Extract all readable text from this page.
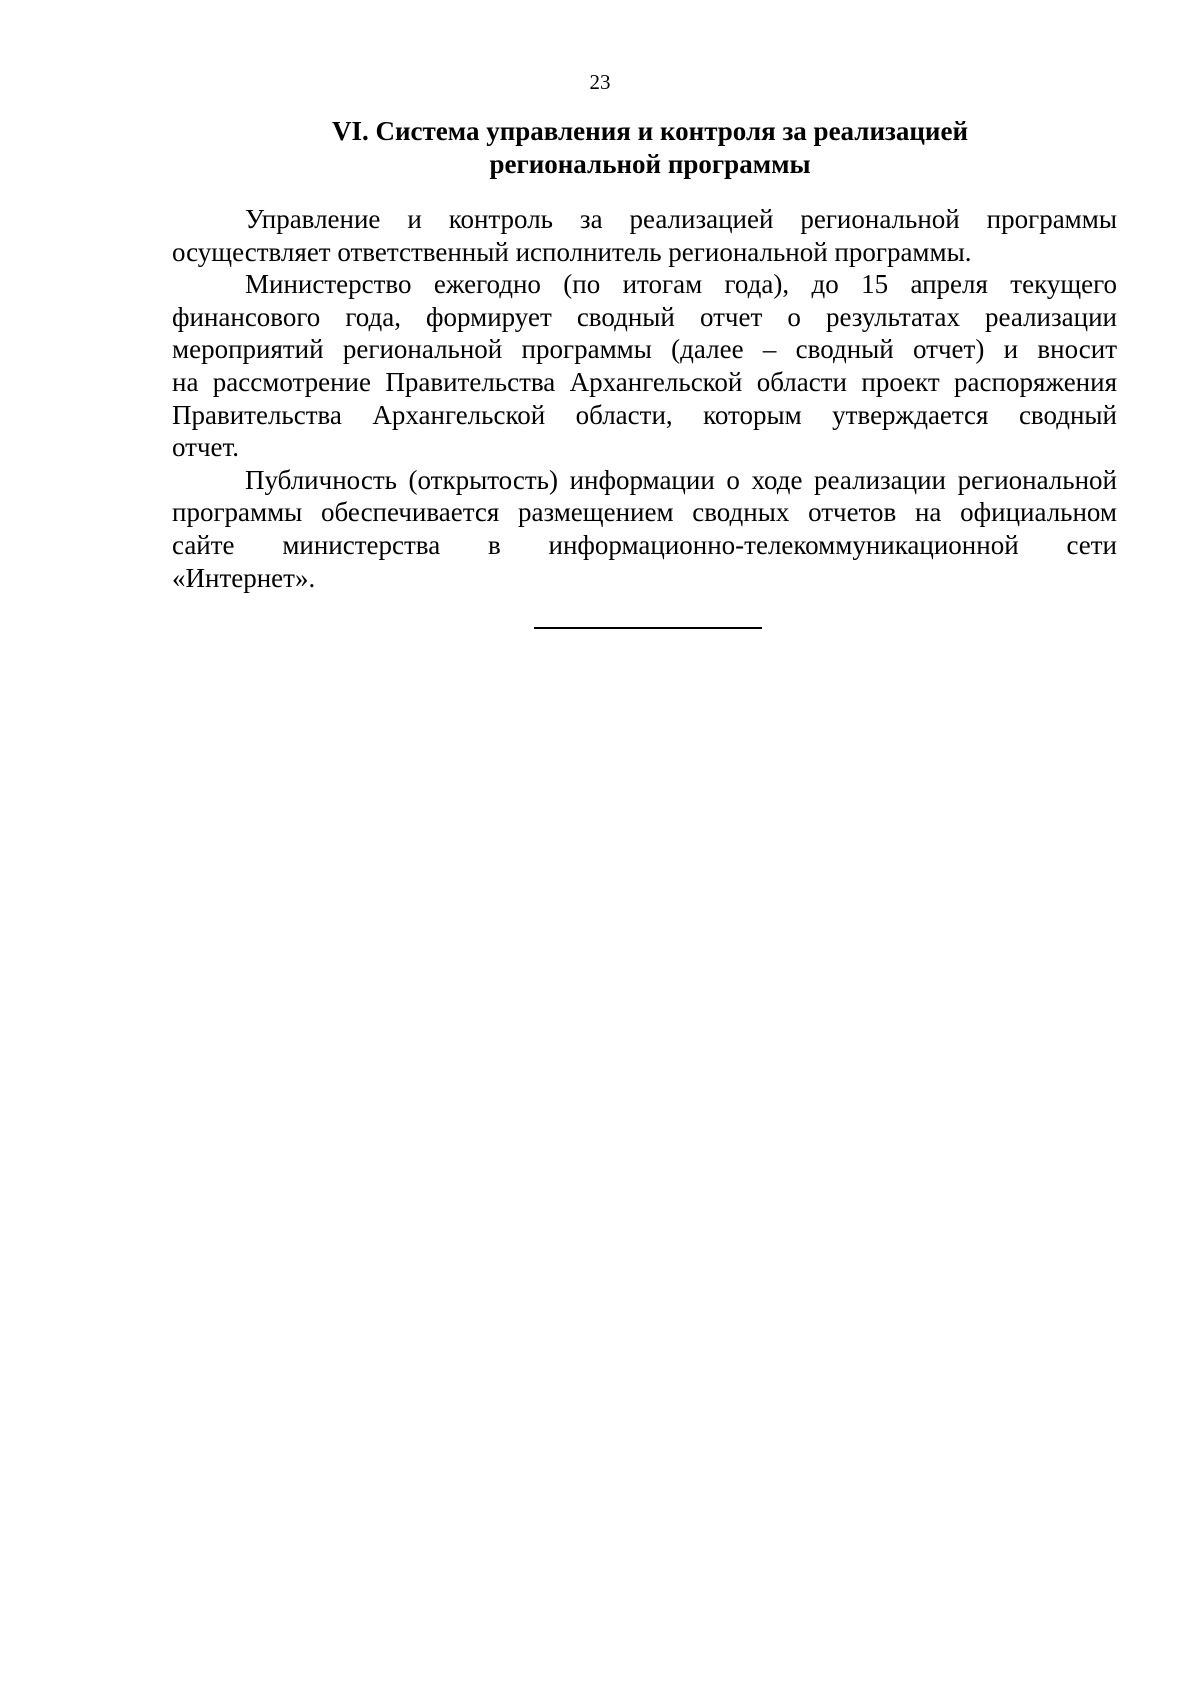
23
VI. Система управления и контроля за реализацией
региональной программы
Управление и контроль за реализацией региональной программы
осуществляет ответственный исполнитель региональной программы.
Министерство ежегодно (по итогам года), до 15 апреля текущего
финансового года, формирует сводный отчет о результатах реализации
мероприятий региональной программы (далее – сводный отчет) и вносит
на рассмотрение Правительства Архангельской области проект распоряжения
Правительства Архангельской области, которым утверждается сводный
отчет.
Публичность (открытость) информации о ходе реализации региональной
программы обеспечивается размещением сводных отчетов на официальном
сайте министерства в информационно-телекоммуникационной сети
«Интернет».
